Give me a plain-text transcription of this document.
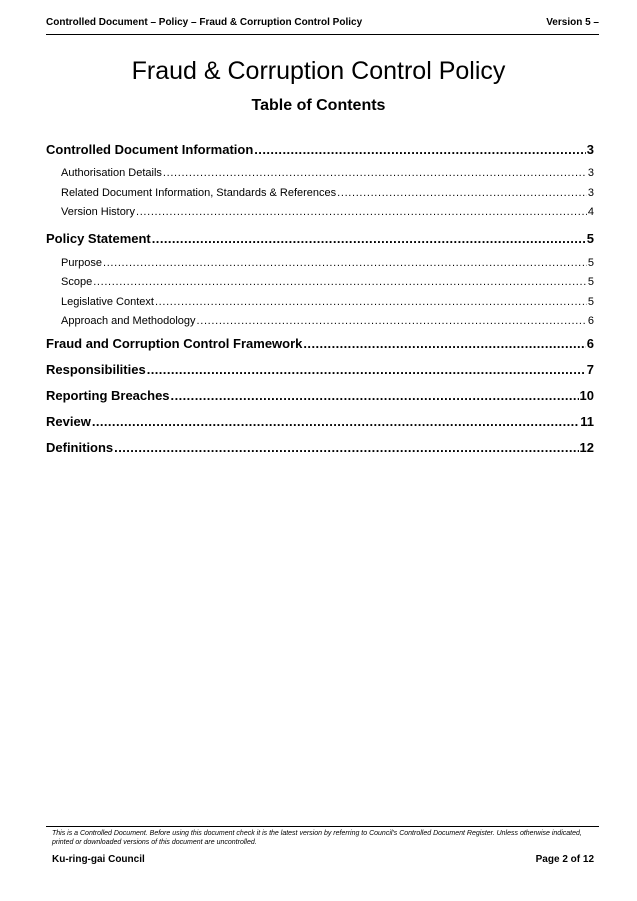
Controlled Document – Policy – Fraud & Corruption Control Policy	Version 5 –
Fraud & Corruption Control Policy
Table of Contents
Controlled Document Information . . .	3
Authorisation Details . . .	3
Related Document Information, Standards & References . . .	3
Version History . . .	4
Policy Statement . . .	5
Purpose . . .	5
Scope . . .	5
Legislative Context . . .	5
Approach and Methodology . . .	6
Fraud and Corruption Control Framework . . .	6
Responsibilities . . .	7
Reporting Breaches . . .	10
Review . . .	11
Definitions . . .	12
This is a Controlled Document. Before using this document check it is the latest version by referring to Council's Controlled Document Register. Unless otherwise indicated, printed or downloaded versions of this document are uncontrolled.
Ku-ring-gai Council	Page 2 of 12
